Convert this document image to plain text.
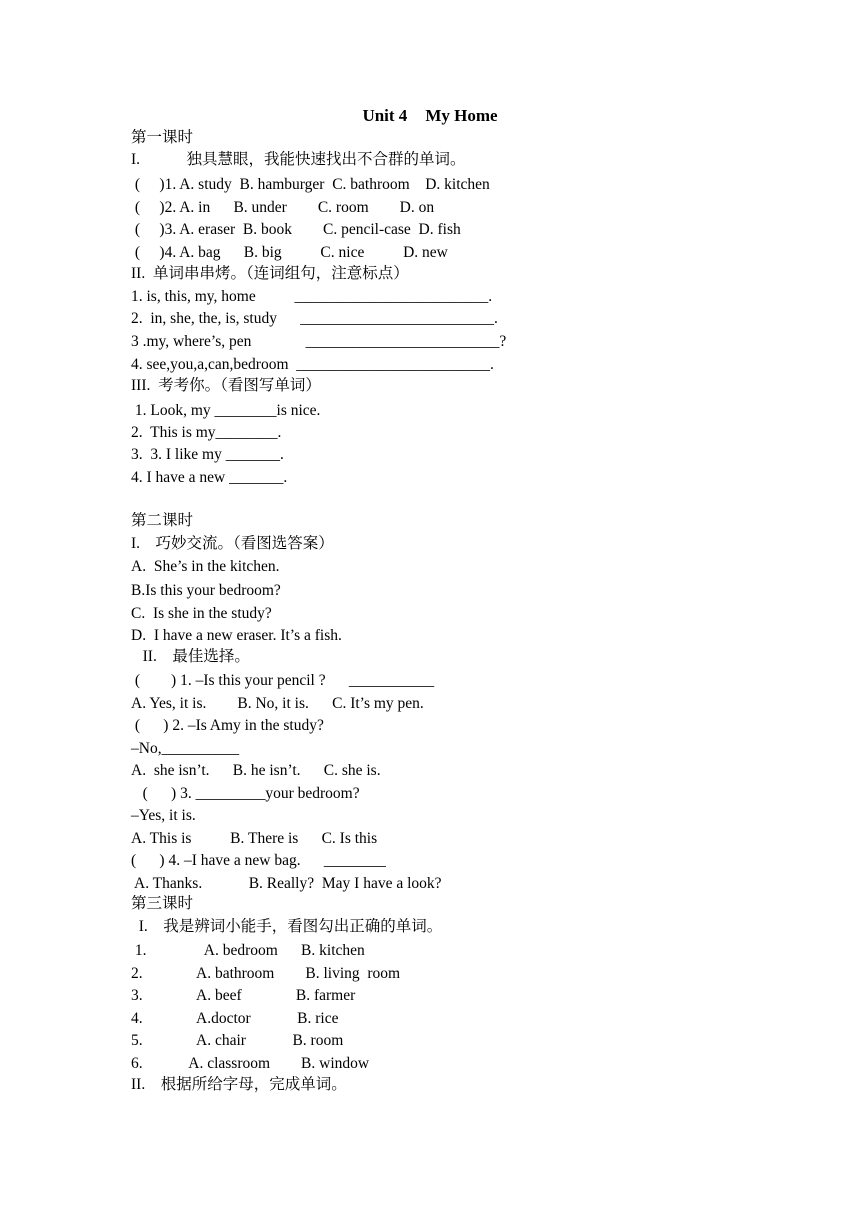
Unit 4 My Home
第一课时
I.            独具慧眼，我能快速找出不合群的单词。
(     )1. A. study  B. hamburger  C. bathroom    D. kitchen
(     )2. A. in      B. under        C. room        D. on
(     )3. A. eraser  B. book        C. pencil-case  D. fish
(     )4. A. bag      B. big          C. nice          D. new
II.  单词串串烤。（连词组句，注意标点）
1. is, this, my, home          _________________________.
2.  in, she, the, is, study      _________________________.
3 .my, where’s, pen              _________________________?
4. see,you,a,can,bedroom  _________________________.
III.  考考你。（看图写单词）
1. Look, my ________is nice.
2.  This is my________.
3.  3. I like my _______.
4. I have a new _______.
第二课时
I.    巧妙交流。（看图选答案）
A.  She’s in the kitchen.
B.Is this your bedroom?
C.  Is she in the study?
D.  I have a new eraser. It’s a fish.
II.    最佳选择。
(        ) 1. –Is this your pencil ?      ___________
A. Yes, it is.        B. No, it is.      C. It’s my pen.
(      ) 2. –Is Amy in the study?
–No,__________
A.  she isn’t.      B. he isn’t.      C. she is.
(      ) 3. _________your bedroom?
–Yes, it is.
A. This is          B. There is      C. Is this
(      ) 4. –I have a new bag.      ________
A. Thanks.            B. Really?  May I have a look?
第三课时
I.    我是辨词小能手，看图勾出正确的单词。
1.               A. bedroom      B. kitchen
2.              A. bathroom        B. living  room
3.              A. beef              B. farmer
4.              A.doctor            B. rice
5.              A. chair            B. room
6.            A. classroom        B. window
II.    根据所给字母，完成单词。
